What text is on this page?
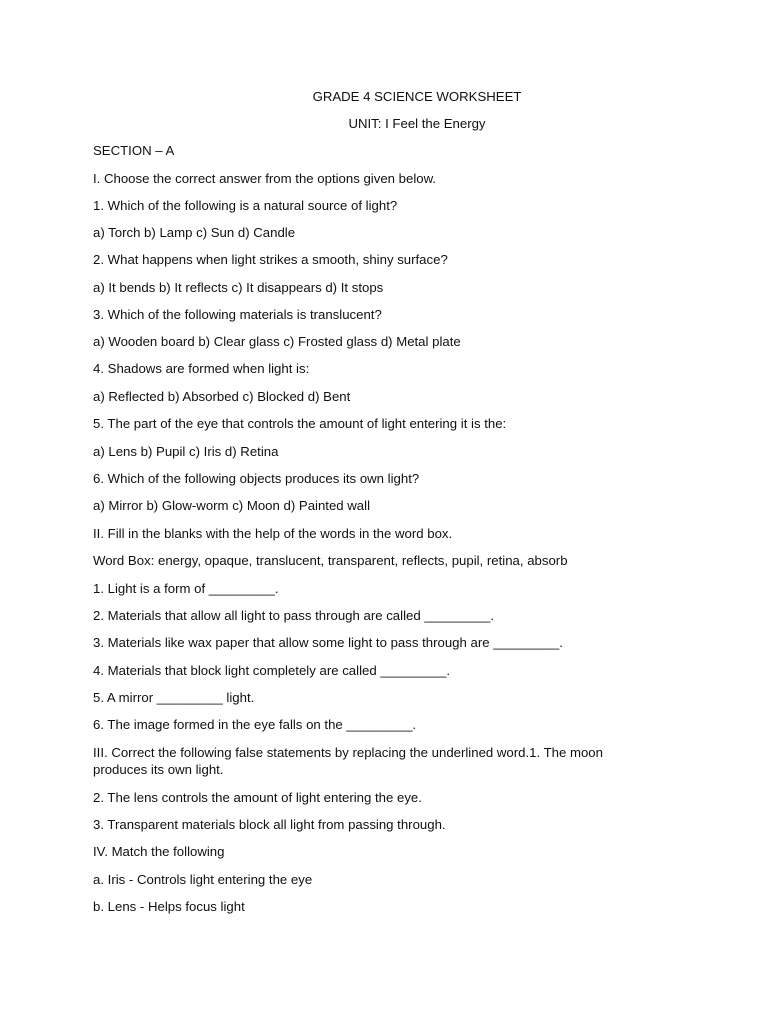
GRADE 4 SCIENCE WORKSHEET
UNIT: I Feel the Energy
SECTION – A
I. Choose the correct answer from the options given below.
1. Which of the following is a natural source of light?
a) Torch b) Lamp c) Sun d) Candle
2. What happens when light strikes a smooth, shiny surface?
a) It bends b) It reflects c) It disappears d) It stops
3. Which of the following materials is translucent?
a) Wooden board b) Clear glass c) Frosted glass d) Metal plate
4. Shadows are formed when light is:
a) Reflected b) Absorbed c) Blocked d) Bent
5. The part of the eye that controls the amount of light entering it is the:
a) Lens b) Pupil c) Iris d) Retina
6. Which of the following objects produces its own light?
a) Mirror b) Glow-worm c) Moon d) Painted wall
II. Fill in the blanks with the help of the words in the word box.
Word Box: energy, opaque, translucent, transparent, reflects, pupil, retina, absorb
1. Light is a form of _________.
2. Materials that allow all light to pass through are called _________.
3. Materials like wax paper that allow some light to pass through are _________.
4. Materials that block light completely are called _________.
5. A mirror _________ light.
6. The image formed in the eye falls on the _________.
III. Correct the following false statements by replacing the underlined word.1. The moon produces its own light.
2. The lens controls the amount of light entering the eye.
3. Transparent materials block all light from passing through.
IV. Match the following
a. Iris - Controls light entering the eye
b. Lens - Helps focus light
